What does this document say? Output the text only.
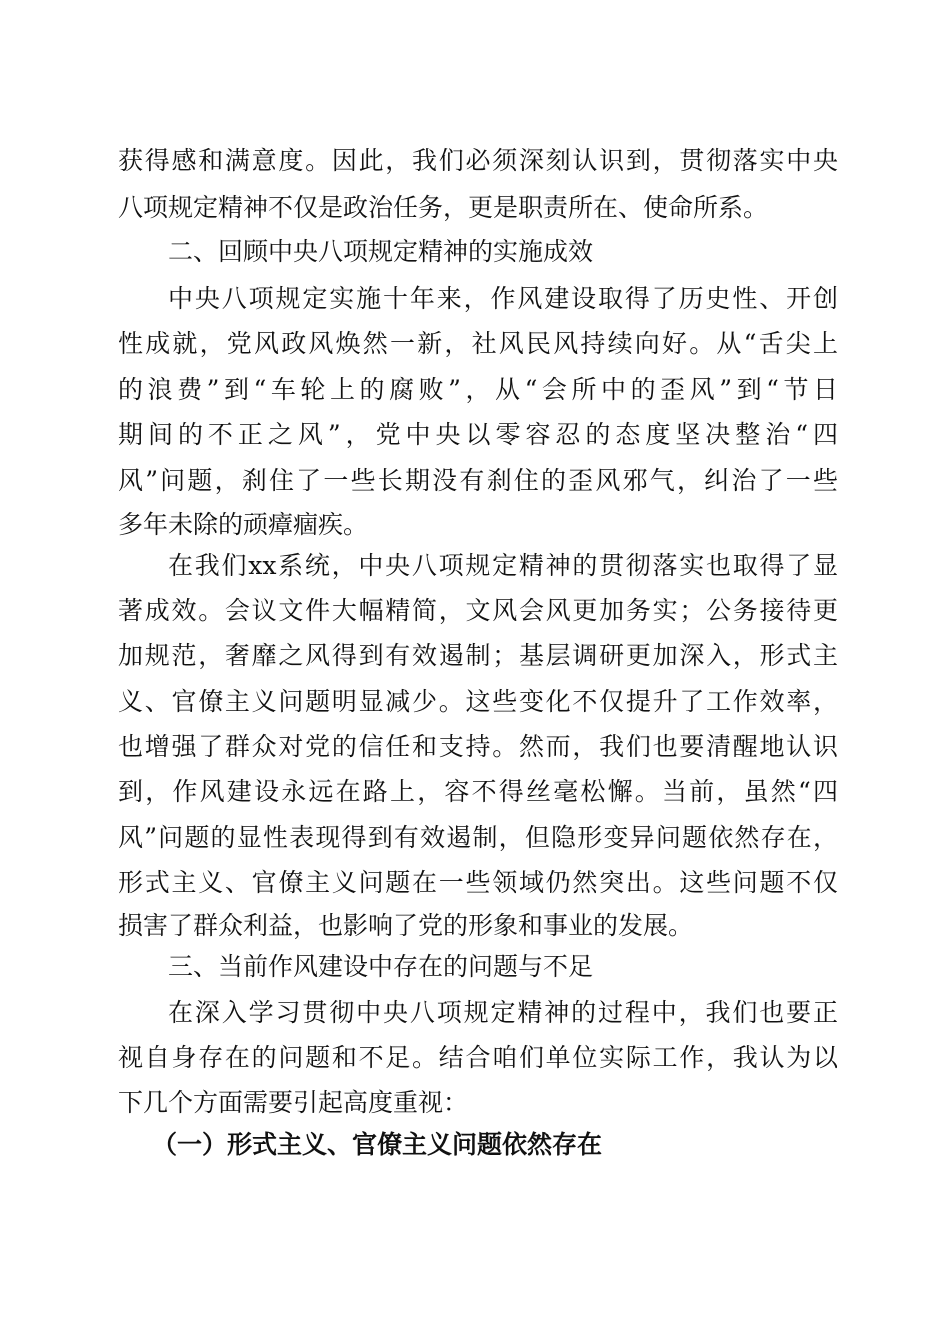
获得感和满意度。因此，我们必须深刻认识到，贯彻落实中央
八项规定精神不仅是政治任务，更是职责所在、使命所系。
二、回顾中央八项规定精神的实施成效
中央八项规定实施十年来，作风建设取得了历史性、开创
性成就，党风政风焕然一新，社风民风持续向好。从“舌尖上
的浪费”到“车轮上的腐败”，从“会所中的歪风”到“节日
期间的不正之风”，党中央以零容忍的态度坚决整治“四
风”问题，刹住了一些长期没有刹住的歪风邪气，纠治了一些
多年未除的顽瘴痼疾。
在我们xx系统，中央八项规定精神的贯彻落实也取得了显
著成效。会议文件大幅精简，文风会风更加务实；公务接待更
加规范，奢靡之风得到有效遏制；基层调研更加深入，形式主
义、官僚主义问题明显减少。这些变化不仅提升了工作效率，
也增强了群众对党的信任和支持。然而，我们也要清醒地认识
到，作风建设永远在路上，容不得丝毫松懈。当前，虽然“四
风”问题的显性表现得到有效遏制，但隐形变异问题依然存在，
形式主义、官僚主义问题在一些领域仍然突出。这些问题不仅
损害了群众利益，也影响了党的形象和事业的发展。
三、当前作风建设中存在的问题与不足
在深入学习贯彻中央八项规定精神的过程中，我们也要正
视自身存在的问题和不足。结合咱们单位实际工作，我认为以
下几个方面需要引起高度重视：
（一）形式主义、官僚主义问题依然存在
